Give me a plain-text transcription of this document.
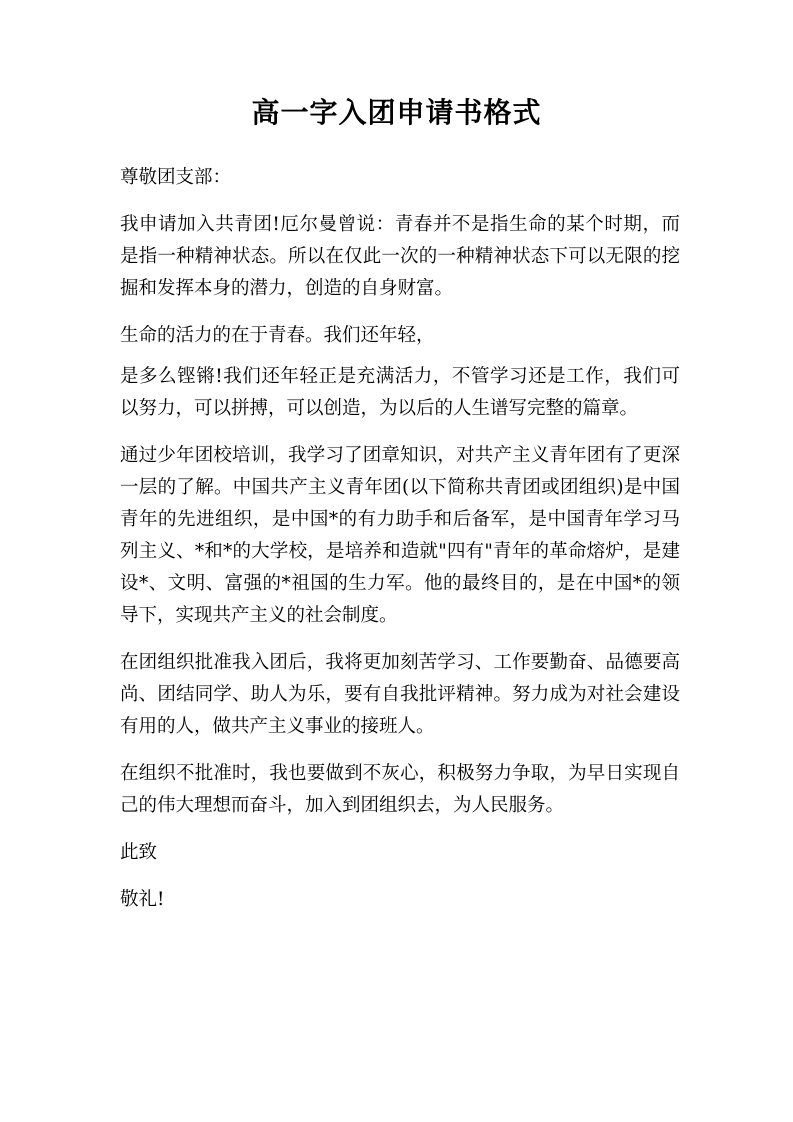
高一字入团申请书格式

尊敬团支部：

我申请加入共青团!厄尔曼曾说：青春并不是指生命的某个时期，而是指一种精神状态。所以在仅此一次的一种精神状态下可以无限的挖掘和发挥本身的潜力，创造的自身财富。

生命的活力的在于青春。我们还年轻，

是多么铿锵!我们还年轻正是充满活力，不管学习还是工作，我们可以努力，可以拼搏，可以创造，为以后的人生谱写完整的篇章。

通过少年团校培训，我学习了团章知识，对共产主义青年团有了更深一层的了解。中国共产主义青年团(以下简称共青团或团组织)是中国青年的先进组织，是中国*的有力助手和后备军，是中国青年学习马列主义、*和*的大学校，是培养和造就"四有"青年的革命熔炉，是建设*、文明、富强的*祖国的生力军。他的最终目的，是在中国*的领导下，实现共产主义的社会制度。

在团组织批准我入团后，我将更加刻苦学习、工作要勤奋、品德要高尚、团结同学、助人为乐，要有自我批评精神。努力成为对社会建设有用的人，做共产主义事业的接班人。

在组织不批准时，我也要做到不灰心，积极努力争取，为早日实现自己的伟大理想而奋斗，加入到团组织去，为人民服务。

此致

敬礼!
